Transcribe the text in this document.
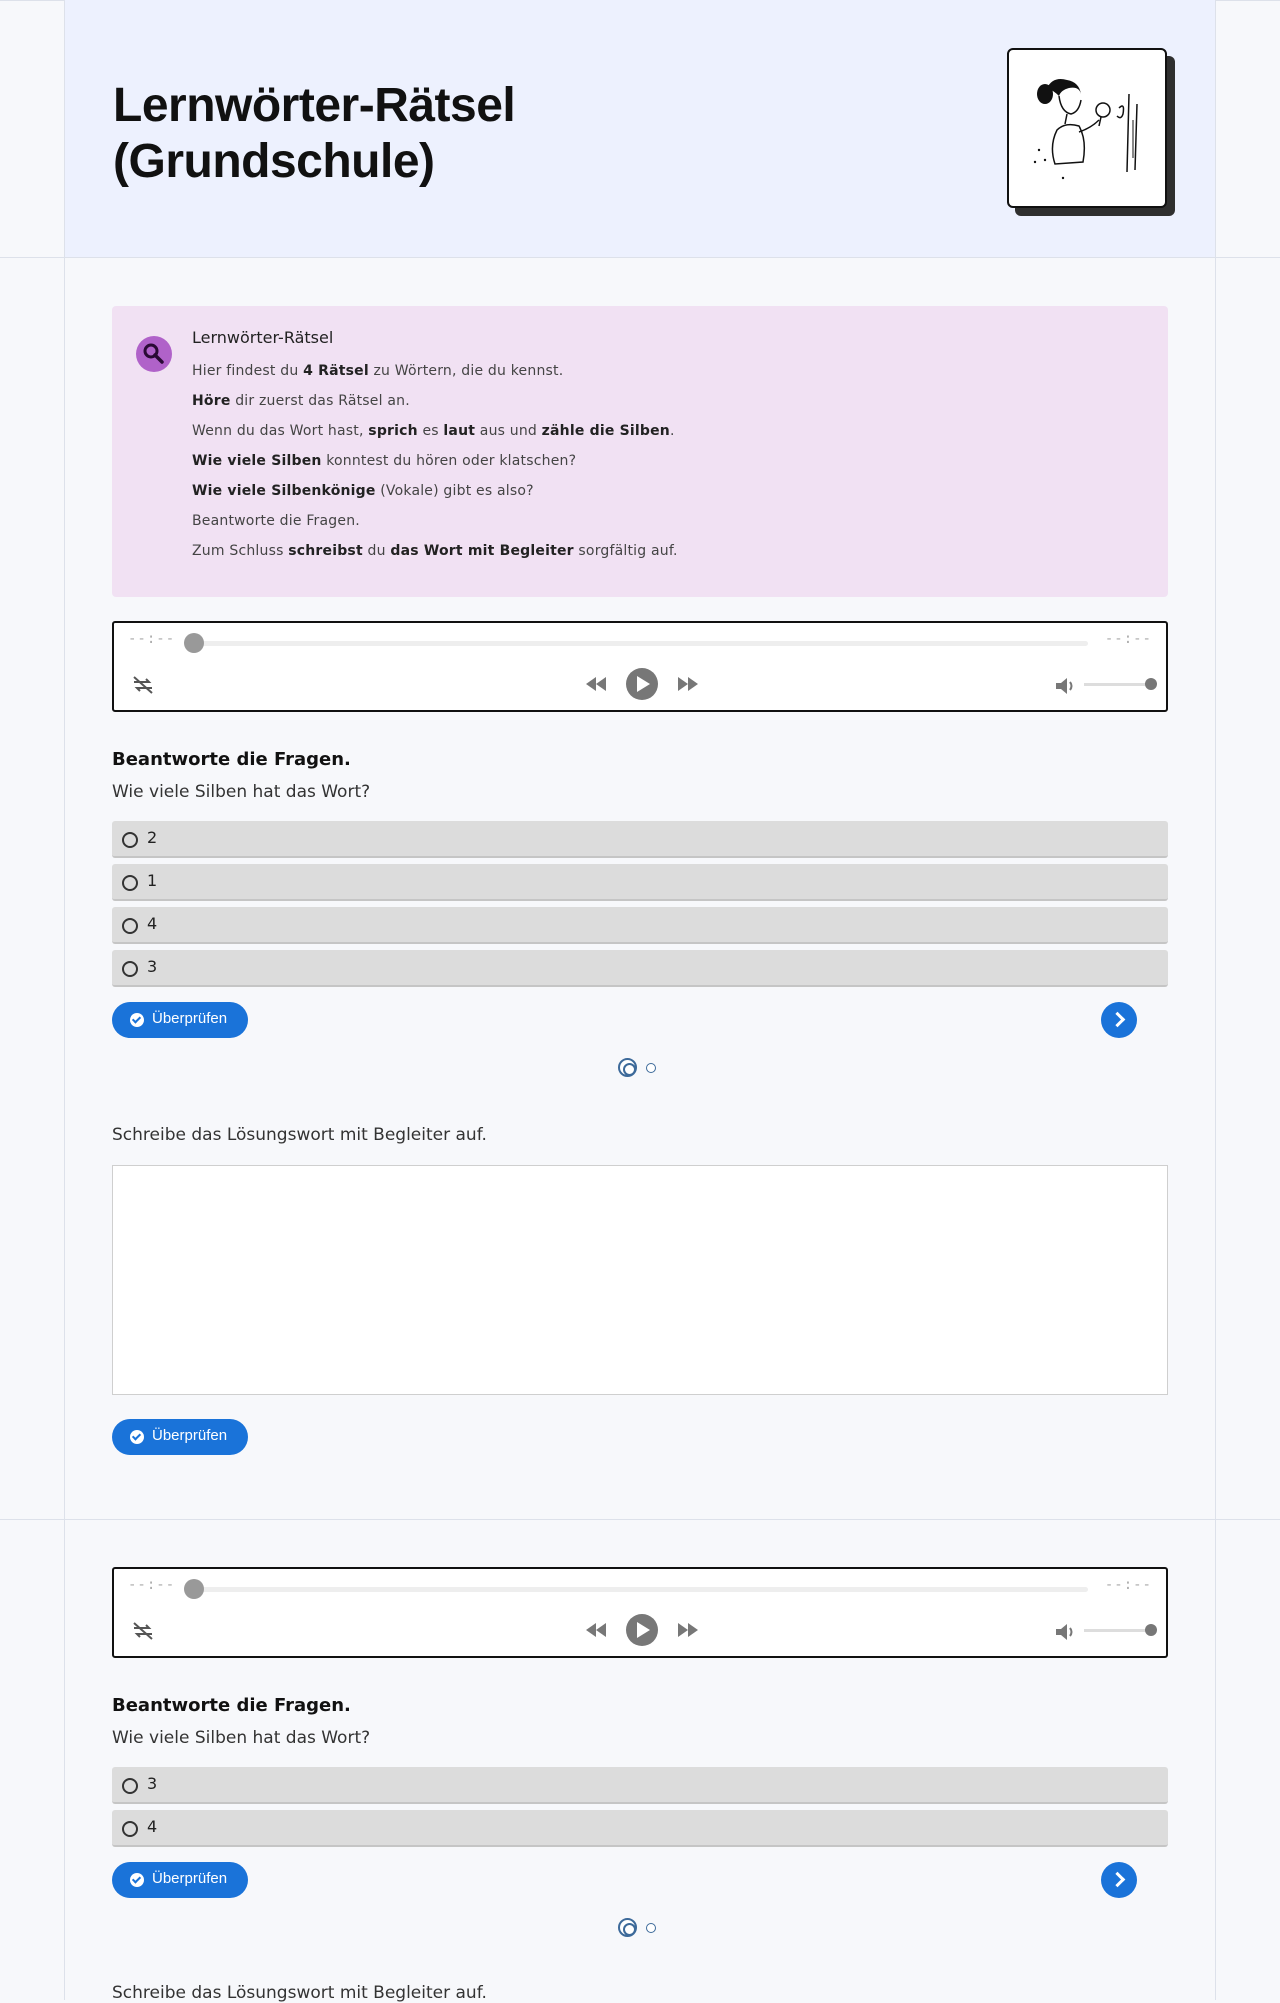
Lernwörter-Rätsel
(Grundschule)

Lernwörter-Rätsel

Hier findest du 4 Rätsel zu Wörtern, die du kennst.

Höre dir zuerst das Rätsel an.

Wenn du das Wort hast, sprich es laut aus und zähle die Silben.

Wie viele Silben konntest du hören oder klatschen?

Wie viele Silbenkönige (Vokale) gibt es also?

Beantworte die Fragen.

Zum Schluss schreibst du das Wort mit Begleiter sorgfältig auf.

--:--	--:--

Beantworte die Fragen.

Wie viele Silben hat das Wort?

2
1
4
3
Überprüfen

Schreibe das Lösungswort mit Begleiter auf.

Überprüfen
--:--	--:--

Beantworte die Fragen.

Wie viele Silben hat das Wort?

3
4
Überprüfen

Schreibe das Lösungswort mit Begleiter auf.
